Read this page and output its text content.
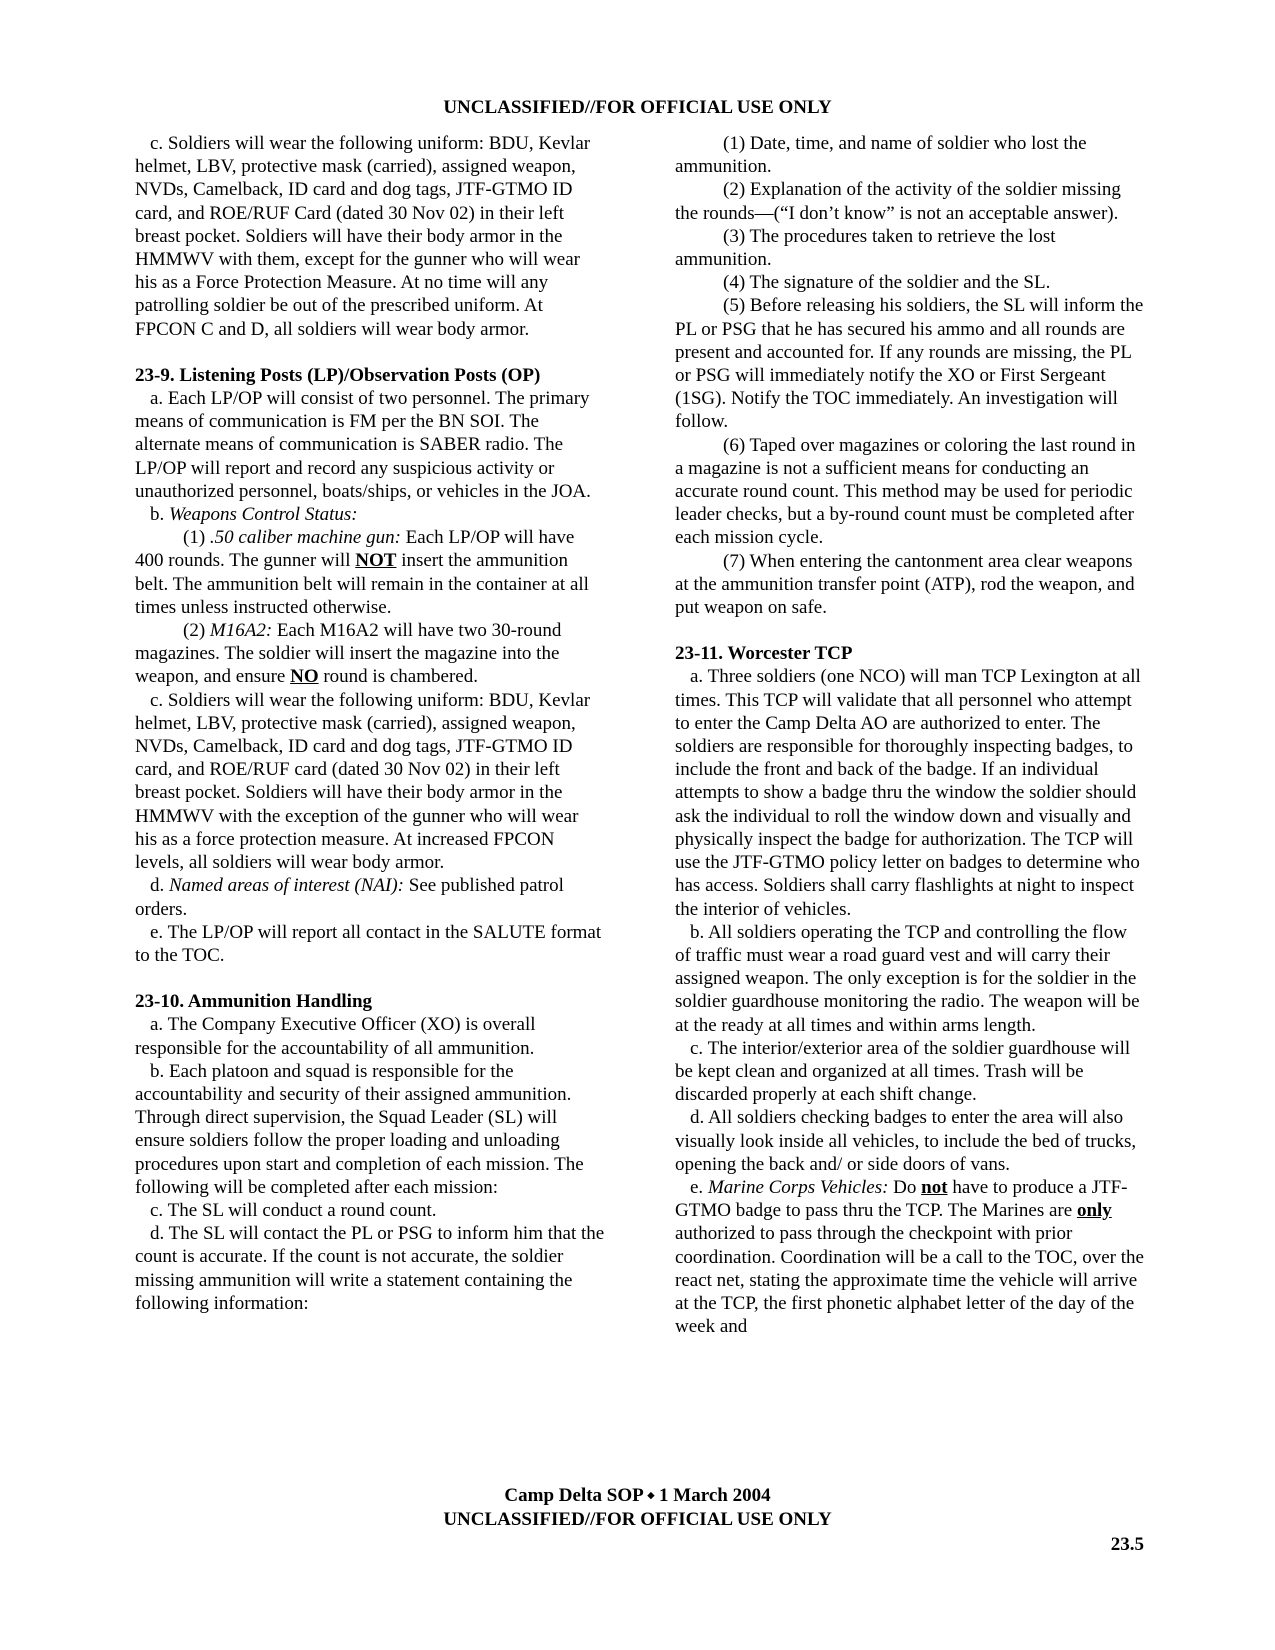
UNCLASSIFIED//FOR OFFICIAL USE ONLY

c. Soldiers will wear the following uniform: BDU, Kevlar helmet, LBV, protective mask (carried), assigned weapon, NVDs, Camelback, ID card and dog tags, JTF-GTMO ID card, and ROE/RUF Card (dated 30 Nov 02) in their left breast pocket. Soldiers will have their body armor in the HMMWV with them, except for the gunner who will wear his as a Force Protection Measure. At no time will any patrolling soldier be out of the prescribed uniform. At FPCON C and D, all soldiers will wear body armor.

23-9. Listening Posts (LP)/Observation Posts (OP)

a. Each LP/OP will consist of two personnel. The primary means of communication is FM per the BN SOI. The alternate means of communication is SABER radio. The LP/OP will report and record any suspicious activity or unauthorized personnel, boats/ships, or vehicles in the JOA.

b. Weapons Control Status:

(1) .50 caliber machine gun: Each LP/OP will have 400 rounds. The gunner will NOT insert the ammunition belt. The ammunition belt will remain in the container at all times unless instructed otherwise.

(2) M16A2: Each M16A2 will have two 30-round magazines. The soldier will insert the magazine into the weapon, and ensure NO round is chambered.

c. Soldiers will wear the following uniform: BDU, Kevlar helmet, LBV, protective mask (carried), assigned weapon, NVDs, Camelback, ID card and dog tags, JTF-GTMO ID card, and ROE/RUF card (dated 30 Nov 02) in their left breast pocket. Soldiers will have their body armor in the HMMWV with the exception of the gunner who will wear his as a force protection measure. At increased FPCON levels, all soldiers will wear body armor.

d. Named areas of interest (NAI): See published patrol orders.

e. The LP/OP will report all contact in the SALUTE format to the TOC.

23-10. Ammunition Handling

a. The Company Executive Officer (XO) is overall responsible for the accountability of all ammunition.

b. Each platoon and squad is responsible for the accountability and security of their assigned ammunition. Through direct supervision, the Squad Leader (SL) will ensure soldiers follow the proper loading and unloading procedures upon start and completion of each mission. The following will be completed after each mission:

c. The SL will conduct a round count.

d. The SL will contact the PL or PSG to inform him that the count is accurate. If the count is not accurate, the soldier missing ammunition will write a statement containing the following information:

(1) Date, time, and name of soldier who lost the ammunition.

(2) Explanation of the activity of the soldier missing the rounds—(“I don’t know” is not an acceptable answer).

(3) The procedures taken to retrieve the lost ammunition.

(4) The signature of the soldier and the SL.

(5) Before releasing his soldiers, the SL will inform the PL or PSG that he has secured his ammo and all rounds are present and accounted for. If any rounds are missing, the PL or PSG will immediately notify the XO or First Sergeant (1SG). Notify the TOC immediately. An investigation will follow.

(6) Taped over magazines or coloring the last round in a magazine is not a sufficient means for conducting an accurate round count. This method may be used for periodic leader checks, but a by-round count must be completed after each mission cycle.

(7) When entering the cantonment area clear weapons at the ammunition transfer point (ATP), rod the weapon, and put weapon on safe.

23-11. Worcester TCP

a. Three soldiers (one NCO) will man TCP Lexington at all times. This TCP will validate that all personnel who attempt to enter the Camp Delta AO are authorized to enter. The soldiers are responsible for thoroughly inspecting badges, to include the front and back of the badge. If an individual attempts to show a badge thru the window the soldier should ask the individual to roll the window down and visually and physically inspect the badge for authorization. The TCP will use the JTF-GTMO policy letter on badges to determine who has access. Soldiers shall carry flashlights at night to inspect the interior of vehicles.

b. All soldiers operating the TCP and controlling the flow of traffic must wear a road guard vest and will carry their assigned weapon. The only exception is for the soldier in the soldier guardhouse monitoring the radio. The weapon will be at the ready at all times and within arms length.

c. The interior/exterior area of the soldier guardhouse will be kept clean and organized at all times. Trash will be discarded properly at each shift change.

d. All soldiers checking badges to enter the area will also visually look inside all vehicles, to include the bed of trucks, opening the back and/ or side doors of vans.

e. Marine Corps Vehicles: Do not have to produce a JTF-GTMO badge to pass thru the TCP. The Marines are only authorized to pass through the checkpoint with prior coordination. Coordination will be a call to the TOC, over the react net, stating the approximate time the vehicle will arrive at the TCP, the first phonetic alphabet letter of the day of the week and

Camp Delta SOP ⬩ 1 March 2004
UNCLASSIFIED//FOR OFFICIAL USE ONLY
23.5
